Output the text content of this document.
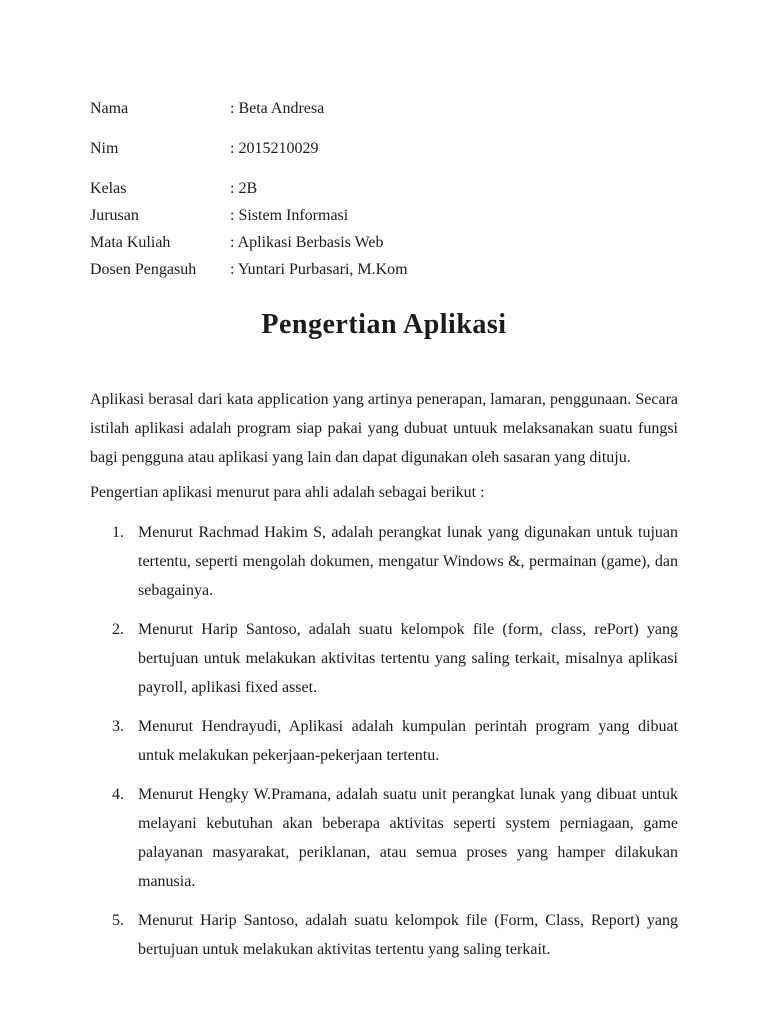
Nama	: Beta Andresa
Nim	: 2015210029
Kelas	: 2B
Jurusan	: Sistem Informasi
Mata Kuliah	: Aplikasi Berbasis Web
Dosen Pengasuh	: Yuntari Purbasari, M.Kom
Pengertian Aplikasi

Aplikasi berasal dari kata application yang artinya penerapan, lamaran, penggunaan. Secara istilah aplikasi adalah program siap pakai yang dubuat untuuk melaksanakan suatu fungsi bagi pengguna atau aplikasi yang lain dan dapat digunakan oleh sasaran yang dituju.

Pengertian aplikasi menurut para ahli adalah sebagai berikut :

1. Menurut Rachmad Hakim S, adalah perangkat lunak yang digunakan untuk tujuan tertentu, seperti mengolah dokumen, mengatur Windows &, permainan (game), dan sebagainya.
2. Menurut Harip Santoso, adalah suatu kelompok file (form, class, rePort) yang bertujuan untuk melakukan aktivitas tertentu yang saling terkait, misalnya aplikasi payroll, aplikasi fixed asset.
3. Menurut Hendrayudi, Aplikasi adalah kumpulan perintah program yang dibuat untuk melakukan pekerjaan-pekerjaan tertentu.
4. Menurut Hengky W.Pramana, adalah suatu unit perangkat lunak yang dibuat untuk melayani kebutuhan akan beberapa aktivitas seperti system perniagaan, game palayanan masyarakat, periklanan, atau semua proses yang hamper dilakukan manusia.
5. Menurut Harip Santoso, adalah suatu kelompok file (Form, Class, Report) yang bertujuan untuk melakukan aktivitas tertentu yang saling terkait.
